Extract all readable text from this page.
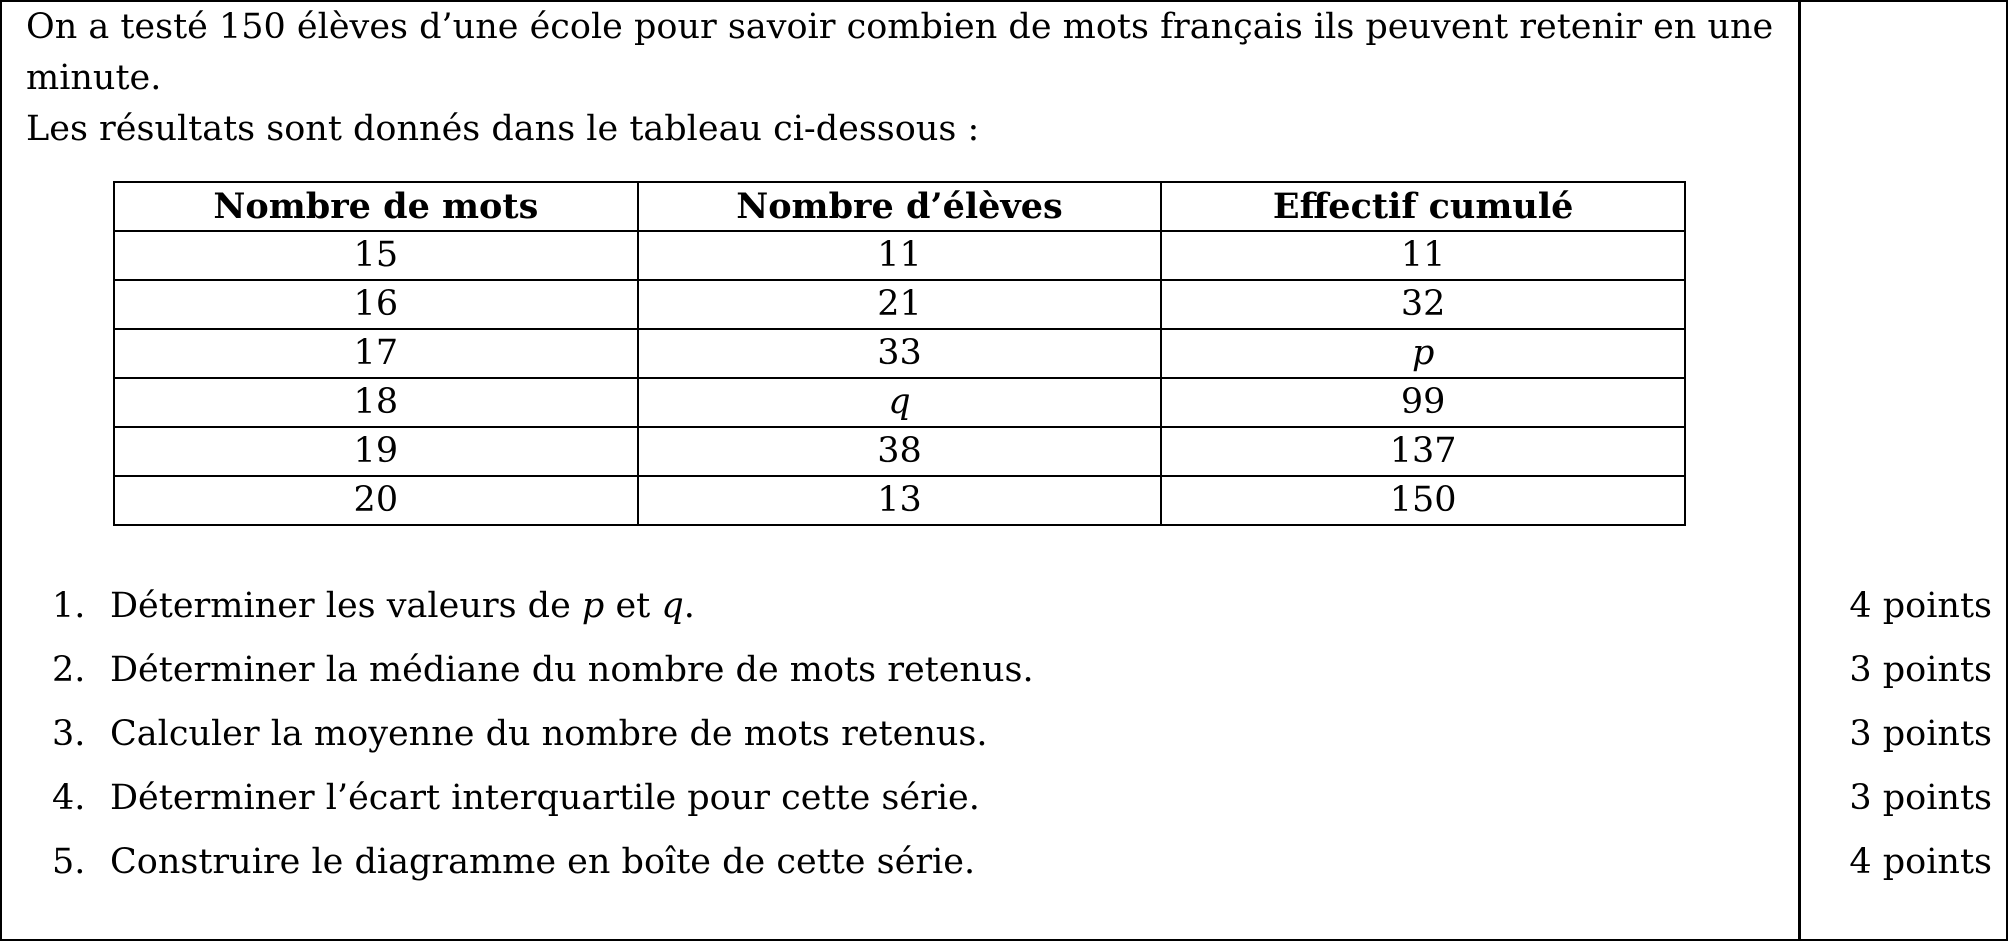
On a testé 150 élèves d’une école pour savoir combien de mots français ils peuvent retenir en une minute.

Les résultats sont donnés dans le tableau ci-dessous :

Nombre de mots	Nombre d’élèves	Effectif cumulé
15	11	11
16	21	32
17	33	p
18	q	99
19	38	137
20	13	150
1. Déterminer les valeurs de p et q.	4 points
2. Déterminer la médiane du nombre de mots retenus.	3 points
3. Calculer la moyenne du nombre de mots retenus.	3 points
4. Déterminer l’écart interquartile pour cette série.	3 points
5. Construire le diagramme en boîte de cette série.	4 points
